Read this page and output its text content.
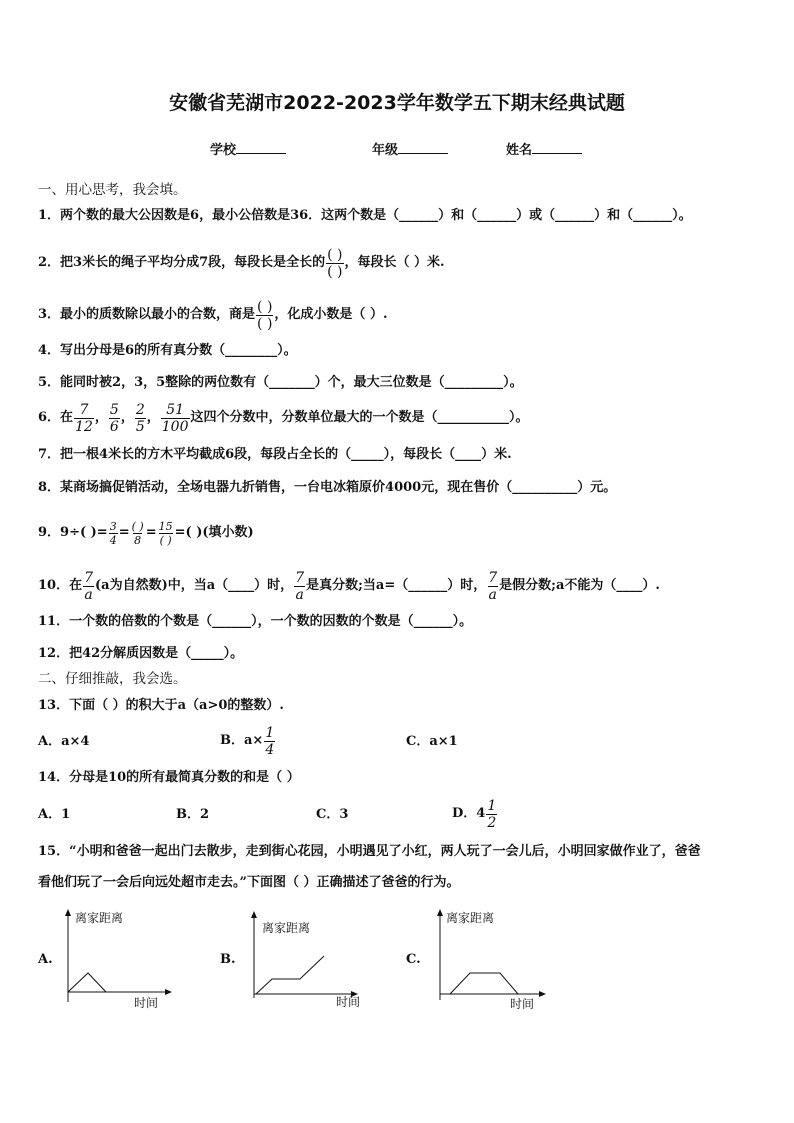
安徽省芜湖市2022-2023学年数学五下期末经典试题
学校	年级	姓名
一、用心思考，我会填。
1．两个数的最大公因数是6，最小公倍数是36．这两个数是（______）和（______）或（______）和（______）。
2．把3米长的绳子平均分成7段，每段长是全长的 $\frac{( )}{( )}$ ，每段长（ ）米.
3．最小的质数除以最小的合数，商是 $\frac{( )}{( )}$ ，化成小数是（ ）.
4．写出分母是6的所有真分数（________）。
5．能同时被2，3，5整除的两位数有（_______）个，最大三位数是（_________）。
6．在 $\frac{7}{12}$ ， $\frac{5}{6}$ ， $\frac{2}{5}$ ， $\frac{51}{100}$ 这四个分数中，分数单位最大的一个数是（___________）。
7．把一根4米长的方木平均截成6段，每段占全长的（_____），每段长（____）米.
8．某商场搞促销活动，全场电器九折销售，一台电冰箱原价4000元，现在售价（__________）元。
9．9÷( )= $\frac{3}{4} = \frac{( )}{8} = \frac{15}{( )}$ =( )(填小数)
10．在 $\frac{7}{a} (a$为自然数)中，当a（____）时， $\frac{7}{a}$ 是真分数;当a=（______）时， $\frac{7}{a}$ 是假分数;a不能为（____）.
11．一个数的倍数的个数是（______），一个数的因数的个数是（______）。
12．把42分解质因数是（_____）。
二、仔细推敲，我会选。
13．下面（ ）的积大于a（a>0的整数）.
A．a×4	B．$a\times \frac{1}{4}$	C．a×1
14．分母是10的所有最简真分数的和是（ ）
A．1	B．2	C．3	D．$4 \frac{1}{2}$
15．“小明和爸爸一起出门去散步，走到街心花园，小明遇见了小红，两人玩了一会儿后，小明回家做作业了，爸爸
看他们玩了一会后向远处超市走去。”下面图（ ）正确描述了爸爸的行为。
A.
离家距离
时间
B.
离家距离
时间
C.
离家距离
时间
